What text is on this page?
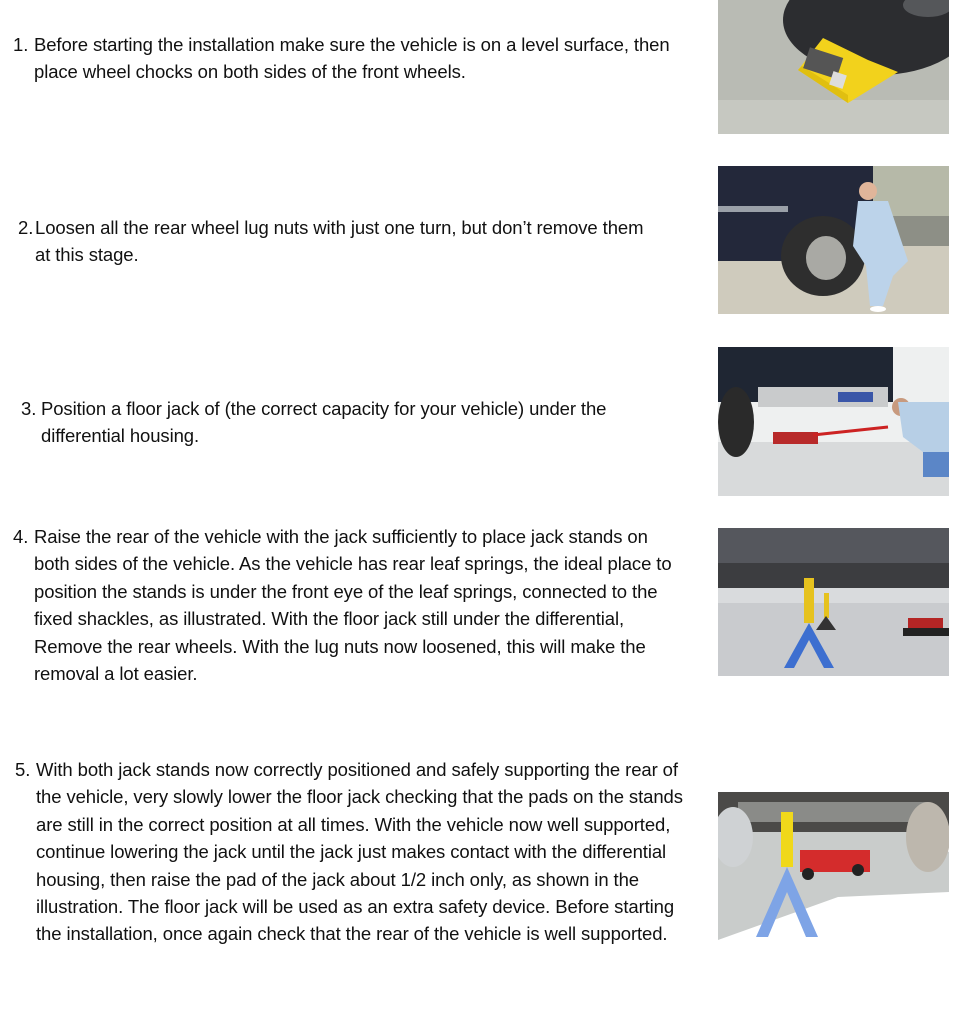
1. Before starting the installation make sure the vehicle is on a level surface, then place wheel chocks on both sides of the front wheels.
2. Loosen all the rear wheel lug nuts with just one turn, but don’t remove them at this stage.
3. Position a floor jack of (the correct capacity for your vehicle) under the differential housing.
4. Raise the rear of the vehicle with the jack sufficiently to place jack stands on both sides of the vehicle. As the vehicle has rear leaf springs, the ideal place to position the stands is under the front eye of the leaf springs, connected to the fixed shackles, as illustrated. With the floor jack still under the differential, Remove the rear wheels. With the lug nuts now loosened, this will make the removal a lot easier.
5. With both jack stands now correctly positioned and safely supporting the rear of the vehicle, very slowly lower the floor jack checking that the pads on the stands are still in the correct position at all times. With the vehicle now well supported, continue lowering the jack until the jack just makes contact with the differential housing, then raise the pad of the jack about 1/2 inch only, as shown in the illustration. The floor jack will be used as an extra safety device. Before starting the installation, once again check that the rear of the vehicle is well supported.
